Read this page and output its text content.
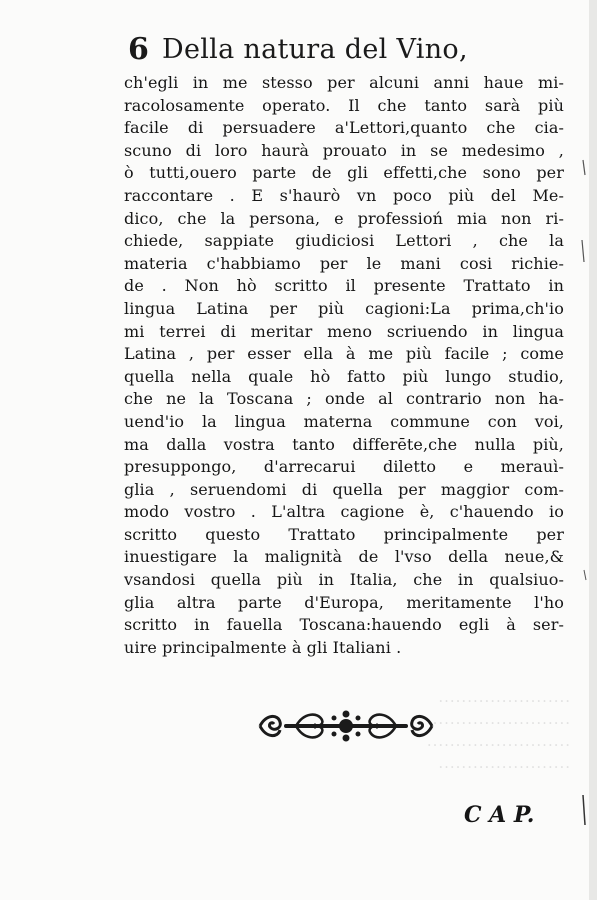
·······················
·························
·························
·······················
6 Della natura del Vino,
ch'egli in me stesso per alcuni anni haue mi-
racolosamente operato. Il che tanto sarà più
facile di persuadere a'Lettori,quanto che cia-
scuno di loro haurà prouato in se medesimo ,
ò tutti,ouero parte de gli effetti,che sono per
raccontare . E s'haurò vn poco più del Me-
dico, che la persona, e professioń mia non ri-
chiede, sappiate giudiciosi Lettori , che la
materia c'habbiamo per le mani cosi richie-
de . Non hò scritto il presente Trattato in
lingua Latina per più cagioni:La prima,ch'io
mi terrei di meritar meno scriuendo in lingua
Latina , per esser ella à me più facile ; come
quella nella quale hò fatto più lungo studio,
che ne la Toscana ; onde al contrario non ha-
uend'io la lingua materna commune con voi,
ma dalla vostra tanto differēte,che nulla più,
presuppongo, d'arrecarui diletto e merauì-
glia , seruendomi di quella per maggior com-
modo vostro . L'altra cagione è, c'hauendo io
scritto questo Trattato principalmente per
inuestigare la malignità de l'vso della neue,&
vsandosi quella più in Italia, che in qualsiuo-
glia altra parte d'Europa, meritamente l'ho
scritto in fauella Toscana:hauendo egli à ser-
uire principalmente à gli Italiani .
C A P.
